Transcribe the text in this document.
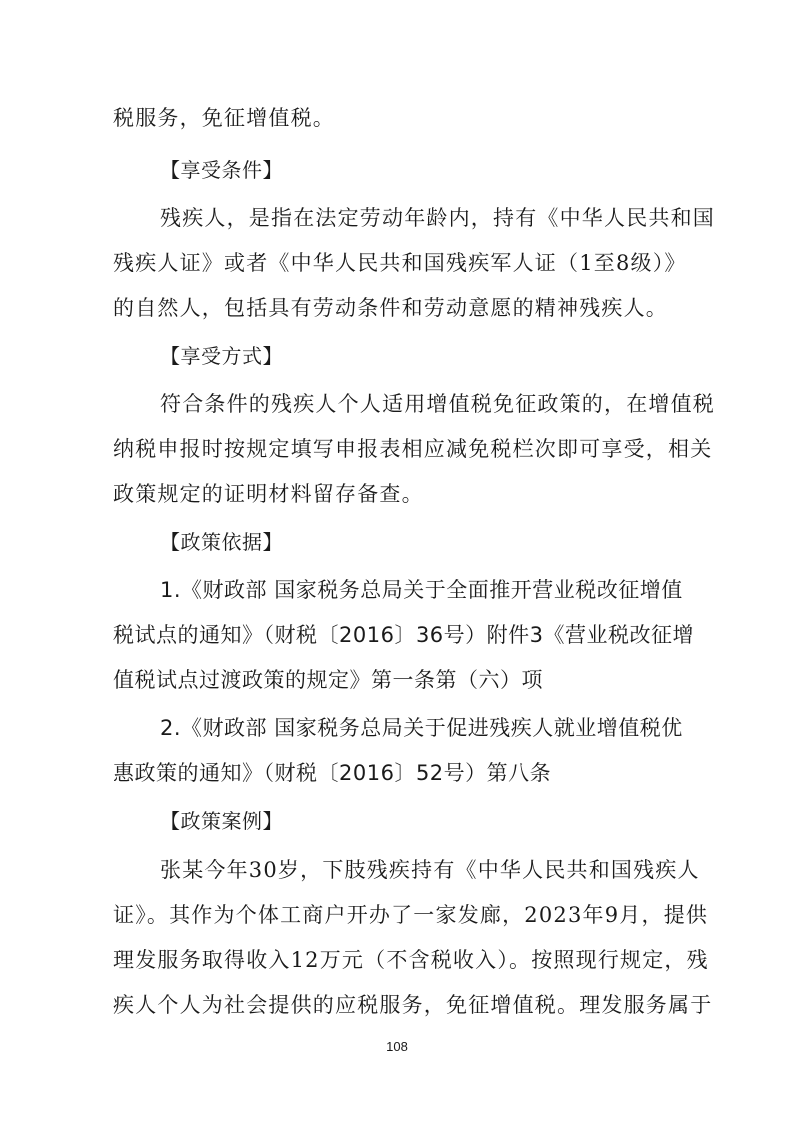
税服务，免征增值税。
【享受条件】
残疾人，是指在法定劳动年龄内，持有《中华人民共和国
残疾人证》或者《中华人民共和国残疾军人证（1至8级）》
的自然人，包括具有劳动条件和劳动意愿的精神残疾人。
【享受方式】
符合条件的残疾人个人适用增值税免征政策的，在增值税
纳税申报时按规定填写申报表相应减免税栏次即可享受，相关
政策规定的证明材料留存备查。
【政策依据】
1.《财政部 国家税务总局关于全面推开营业税改征增值
税试点的通知》（财税〔2016〕36号）附件3《营业税改征增
值税试点过渡政策的规定》第一条第（六）项
2.《财政部 国家税务总局关于促进残疾人就业增值税优
惠政策的通知》（财税〔2016〕52号）第八条
【政策案例】
张某今年30岁，下肢残疾持有《中华人民共和国残疾人
证》。其作为个体工商户开办了一家发廊，2023年9月，提供
理发服务取得收入12万元（不含税收入）。按照现行规定，残
疾人个人为社会提供的应税服务，免征增值税。理发服务属于
108
